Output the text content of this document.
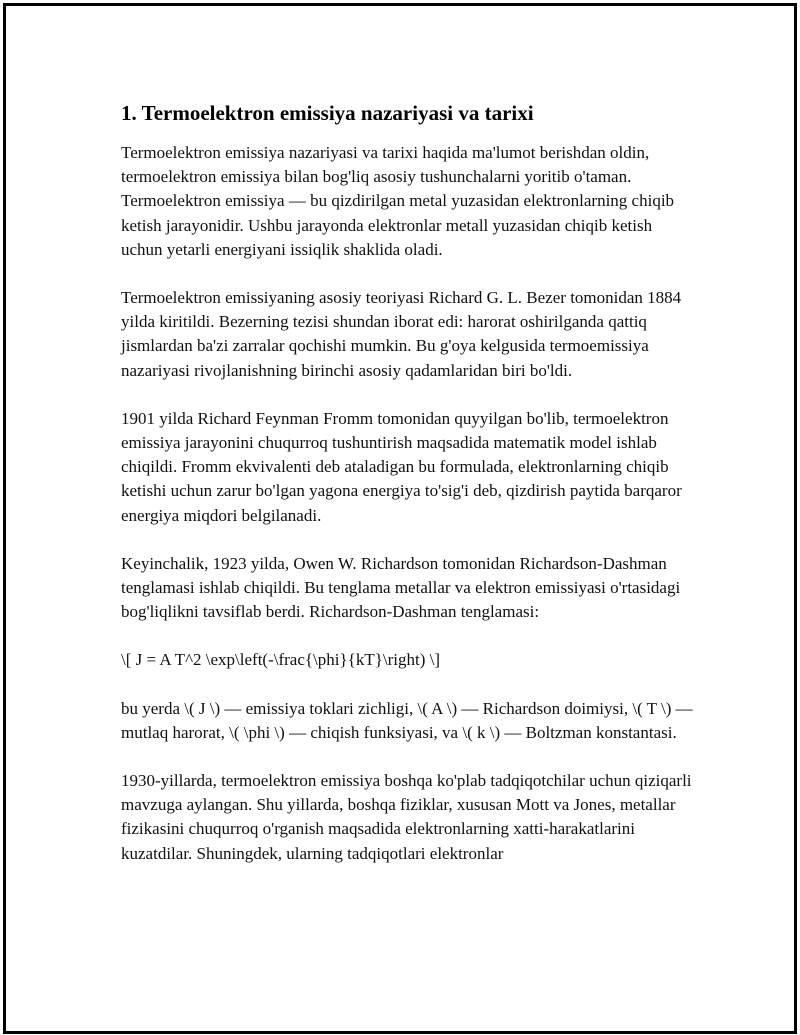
1. Termoelektron emissiya nazariyasi va tarixi

Termoelektron emissiya nazariyasi va tarixi haqida ma'lumot berishdan oldin, termoelektron emissiya bilan bog'liq asosiy tushunchalarni yoritib o'taman. Termoelektron emissiya — bu qizdirilgan metal yuzasidan elektronlarning chiqib ketish jarayonidir. Ushbu jarayonda elektronlar metall yuzasidan chiqib ketish uchun yetarli energiyani issiqlik shaklida oladi.

Termoelektron emissiyaning asosiy teoriyasi Richard G. L. Bezer tomonidan 1884 yilda kiritildi. Bezerning tezisi shundan iborat edi: harorat oshirilganda qattiq jismlardan ba'zi zarralar qochishi mumkin. Bu g'oya kelgusida termoemissiya nazariyasi rivojlanishning birinchi asosiy qadamlaridan biri bo'ldi.

1901 yilda Richard Feynman Fromm tomonidan quyyilgan bo'lib, termoelektron emissiya jarayonini chuqurroq tushuntirish maqsadida matematik model ishlab chiqildi. Fromm ekvivalenti deb ataladigan bu formulada, elektronlarning chiqib ketishi uchun zarur bo'lgan yagona energiya to'sig'i deb, qizdirish paytida barqaror energiya miqdori belgilanadi.

Keyinchalik, 1923 yilda, Owen W. Richardson tomonidan Richardson-Dashman tenglamasi ishlab chiqildi. Bu tenglama metallar va elektron emissiyasi o'rtasidagi bog'liqlikni tavsiflab berdi. Richardson-Dashman tenglamasi:

\[ J = A T^2 \exp\left(-\frac{\phi}{kT}\right) \]

bu yerda \( J \) — emissiya toklari zichligi, \( A \) — Richardson doimiysi, \( T \) — mutlaq harorat, \( \phi \) — chiqish funksiyasi, va \( k \) — Boltzman konstantasi.

1930-yillarda, termoelektron emissiya boshqa ko'plab tadqiqotchilar uchun qiziqarli mavzuga aylangan. Shu yillarda, boshqa fiziklar, xususan Mott va Jones, metallar fizikasini chuqurroq o'rganish maqsadida elektronlarning xatti-harakatlarini kuzatdilar. Shuningdek, ularning tadqiqotlari elektronlar
